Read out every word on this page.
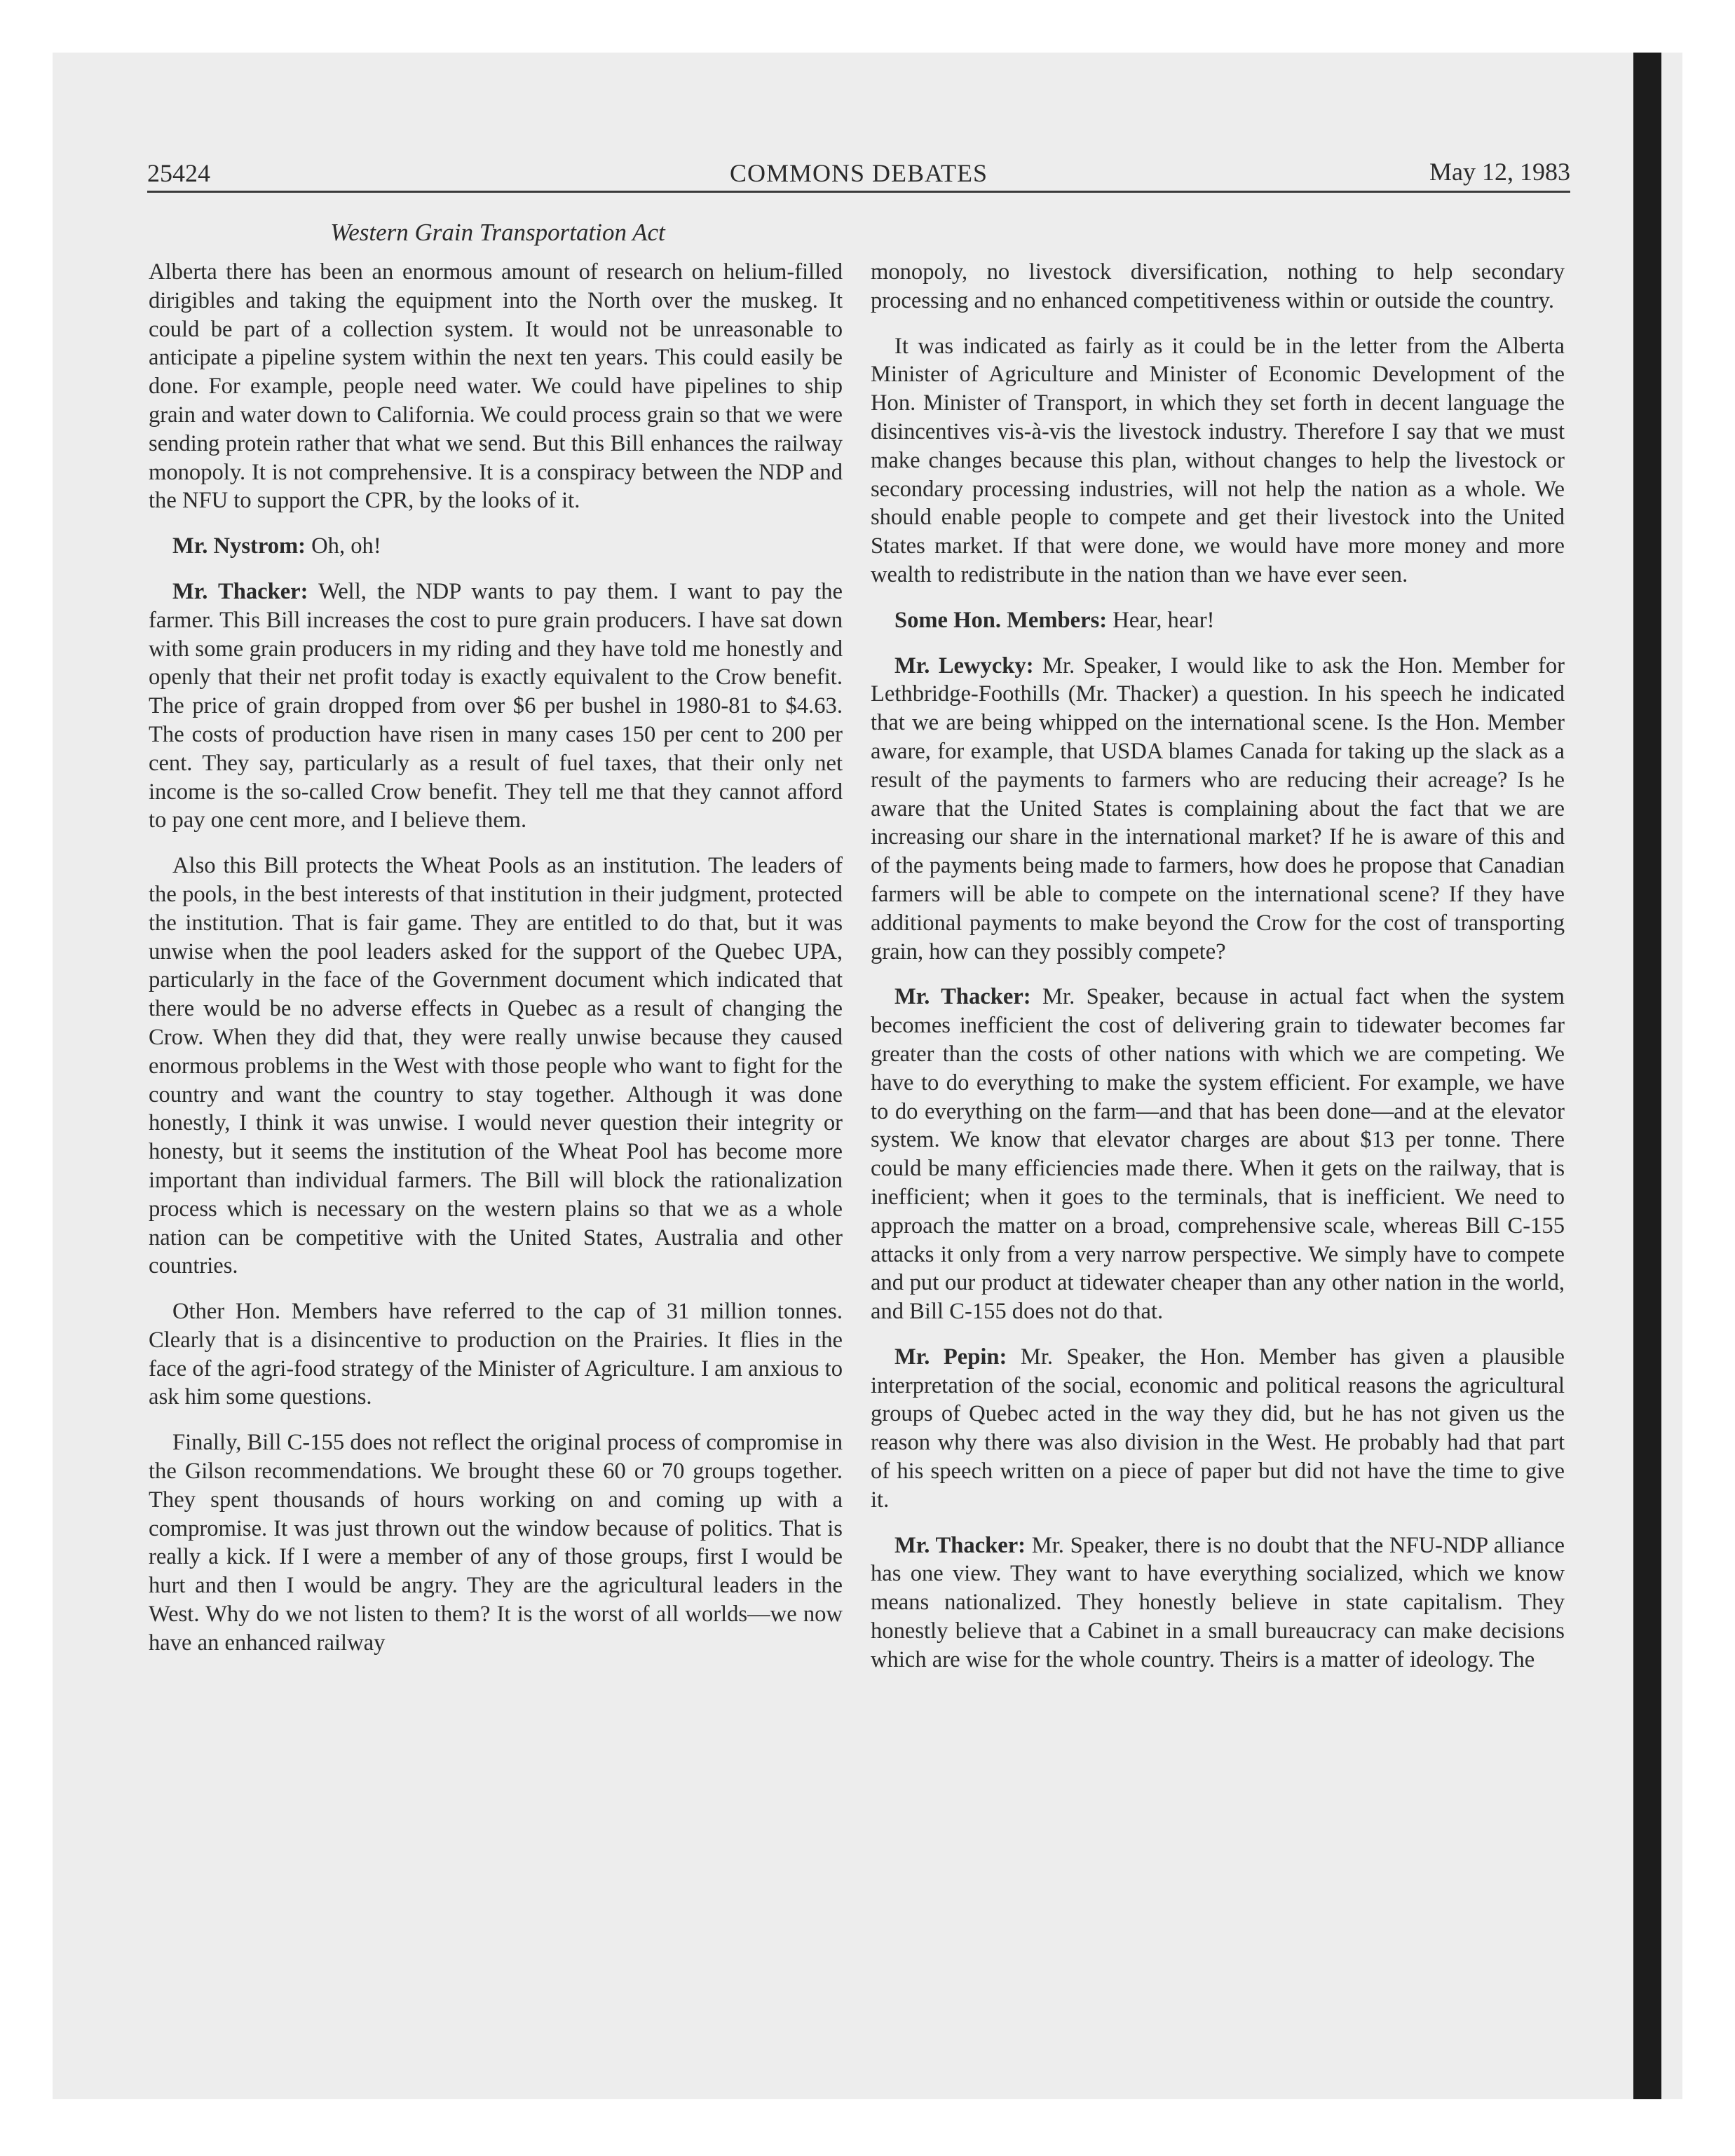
25424	COMMONS DEBATES	May 12, 1983
Western Grain Transportation Act

Alberta there has been an enormous amount of research on helium-filled dirigibles and taking the equipment into the North over the muskeg. It could be part of a collection system. It would not be unreasonable to anticipate a pipeline system within the next ten years. This could easily be done. For example, people need water. We could have pipelines to ship grain and water down to California. We could process grain so that we were sending protein rather that what we send. But this Bill enhances the railway monopoly. It is not comprehensive. It is a conspiracy between the NDP and the NFU to support the CPR, by the looks of it.

Mr. Nystrom: Oh, oh!

Mr. Thacker: Well, the NDP wants to pay them. I want to pay the farmer. This Bill increases the cost to pure grain producers. I have sat down with some grain producers in my riding and they have told me honestly and openly that their net profit today is exactly equivalent to the Crow benefit. The price of grain dropped from over $6 per bushel in 1980-81 to $4.63. The costs of production have risen in many cases 150 per cent to 200 per cent. They say, particularly as a result of fuel taxes, that their only net income is the so-called Crow benefit. They tell me that they cannot afford to pay one cent more, and I believe them.

Also this Bill protects the Wheat Pools as an institution. The leaders of the pools, in the best interests of that institution in their judgment, protected the institution. That is fair game. They are entitled to do that, but it was unwise when the pool leaders asked for the support of the Quebec UPA, particularly in the face of the Government document which indicated that there would be no adverse effects in Quebec as a result of changing the Crow. When they did that, they were really unwise because they caused enormous problems in the West with those people who want to fight for the country and want the country to stay together. Although it was done honestly, I think it was unwise. I would never question their integrity or honesty, but it seems the institution of the Wheat Pool has become more important than individual farmers. The Bill will block the rationalization process which is necessary on the western plains so that we as a whole nation can be competitive with the United States, Australia and other countries.

Other Hon. Members have referred to the cap of 31 million tonnes. Clearly that is a disincentive to production on the Prairies. It flies in the face of the agri-food strategy of the Minister of Agriculture. I am anxious to ask him some questions.

Finally, Bill C-155 does not reflect the original process of compromise in the Gilson recommendations. We brought these 60 or 70 groups together. They spent thousands of hours working on and coming up with a compromise. It was just thrown out the window because of politics. That is really a kick. If I were a member of any of those groups, first I would be hurt and then I would be angry. They are the agricultural leaders in the West. Why do we not listen to them? It is the worst of all worlds—we now have an enhanced railway

monopoly, no livestock diversification, nothing to help secondary processing and no enhanced competitiveness within or outside the country.

It was indicated as fairly as it could be in the letter from the Alberta Minister of Agriculture and Minister of Economic Development of the Hon. Minister of Transport, in which they set forth in decent language the disincentives vis-à-vis the livestock industry. Therefore I say that we must make changes because this plan, without changes to help the livestock or secondary processing industries, will not help the nation as a whole. We should enable people to compete and get their livestock into the United States market. If that were done, we would have more money and more wealth to redistribute in the nation than we have ever seen.

Some Hon. Members: Hear, hear!

Mr. Lewycky: Mr. Speaker, I would like to ask the Hon. Member for Lethbridge-Foothills (Mr. Thacker) a question. In his speech he indicated that we are being whipped on the international scene. Is the Hon. Member aware, for example, that USDA blames Canada for taking up the slack as a result of the payments to farmers who are reducing their acreage? Is he aware that the United States is complaining about the fact that we are increasing our share in the international market? If he is aware of this and of the payments being made to farmers, how does he propose that Canadian farmers will be able to compete on the international scene? If they have additional payments to make beyond the Crow for the cost of transporting grain, how can they possibly compete?

Mr. Thacker: Mr. Speaker, because in actual fact when the system becomes inefficient the cost of delivering grain to tidewater becomes far greater than the costs of other nations with which we are competing. We have to do everything to make the system efficient. For example, we have to do everything on the farm—and that has been done—and at the elevator system. We know that elevator charges are about $13 per tonne. There could be many efficiencies made there. When it gets on the railway, that is inefficient; when it goes to the terminals, that is inefficient. We need to approach the matter on a broad, comprehensive scale, whereas Bill C-155 attacks it only from a very narrow perspective. We simply have to compete and put our product at tidewater cheaper than any other nation in the world, and Bill C-155 does not do that.

Mr. Pepin: Mr. Speaker, the Hon. Member has given a plausible interpretation of the social, economic and political reasons the agricultural groups of Quebec acted in the way they did, but he has not given us the reason why there was also division in the West. He probably had that part of his speech written on a piece of paper but did not have the time to give it.

Mr. Thacker: Mr. Speaker, there is no doubt that the NFU-NDP alliance has one view. They want to have everything socialized, which we know means nationalized. They honestly believe in state capitalism. They honestly believe that a Cabinet in a small bureaucracy can make decisions which are wise for the whole country. Theirs is a matter of ideology. The
